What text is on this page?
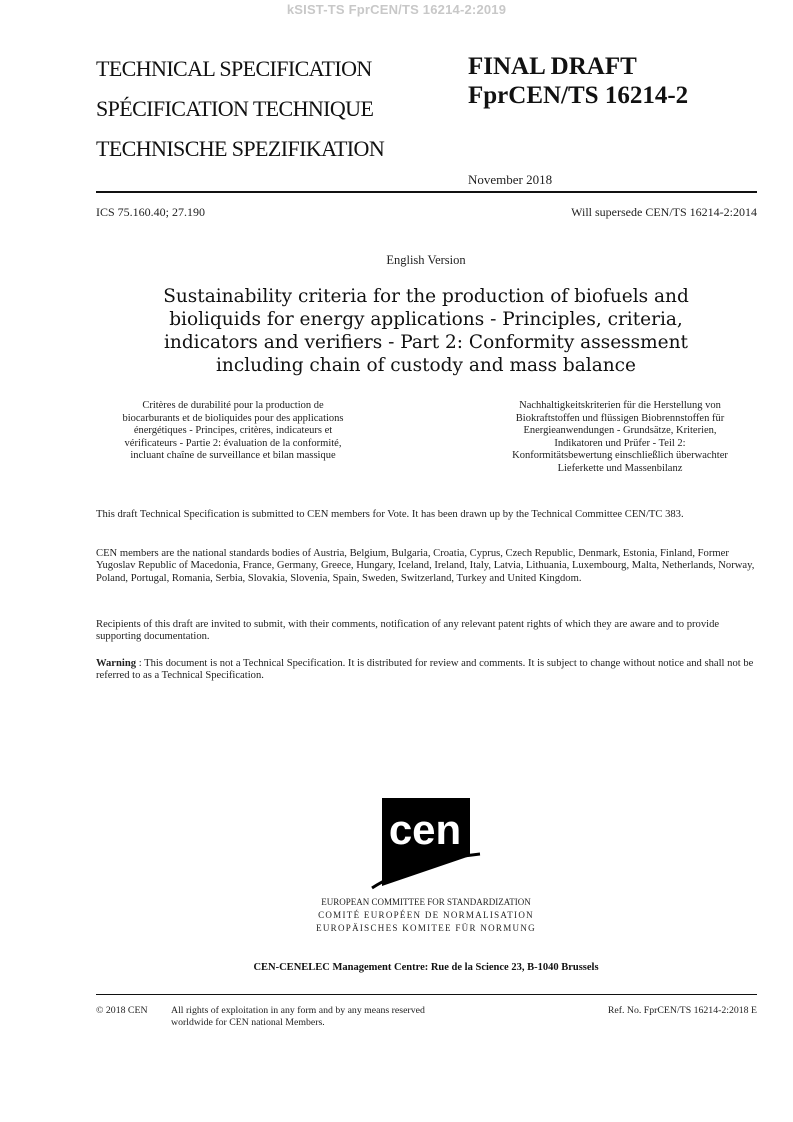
kSIST-TS FprCEN/TS 16214-2:2019
TECHNICAL SPECIFICATION
SPÉCIFICATION TECHNIQUE
TECHNISCHE SPEZIFIKATION
FINAL DRAFT
FprCEN/TS 16214-2
November 2018
ICS 75.160.40; 27.190	Will supersede CEN/TS 16214-2:2014
English Version
Sustainability criteria for the production of biofuels and
bioliquids for energy applications - Principles, criteria,
indicators and verifiers - Part 2: Conformity assessment
including chain of custody and mass balance
Critères de durabilité pour la production de
biocarburants et de bioliquides pour des applications
énergétiques - Principes, critères, indicateurs et
vérificateurs - Partie 2: évaluation de la conformité,
incluant chaîne de surveillance et bilan massique
Nachhaltigkeitskriterien für die Herstellung von
Biokraftstoffen und flüssigen Biobrennstoffen für
Energieanwendungen - Grundsätze, Kriterien,
Indikatoren und Prüfer - Teil 2:
Konformitätsbewertung einschließlich überwachter
Lieferkette und Massenbilanz
This draft Technical Specification is submitted to CEN members for Vote. It has been drawn up by the Technical Committee CEN/TC 383.
CEN members are the national standards bodies of Austria, Belgium, Bulgaria, Croatia, Cyprus, Czech Republic, Denmark, Estonia, Finland, Former Yugoslav Republic of Macedonia, France, Germany, Greece, Hungary, Iceland, Ireland, Italy, Latvia, Lithuania, Luxembourg, Malta, Netherlands, Norway, Poland, Portugal, Romania, Serbia, Slovakia, Slovenia, Spain, Sweden, Switzerland, Turkey and United Kingdom.
Recipients of this draft are invited to submit, with their comments, notification of any relevant patent rights of which they are aware and to provide supporting documentation.
Warning : This document is not a Technical Specification. It is distributed for review and comments. It is subject to change without notice and shall not be referred to as a Technical Specification.
cen
EUROPEAN COMMITTEE FOR STANDARDIZATION
COMITÉ EUROPÉEN DE NORMALISATION
EUROPÄISCHES KOMITEE FÜR NORMUNG
CEN-CENELEC Management Centre: Rue de la Science 23, B-1040 Brussels
© 2018 CEN All rights of exploitation in any form and by any means reserved
worldwide for CEN national Members.
Ref. No. FprCEN/TS 16214-2:2018 E
